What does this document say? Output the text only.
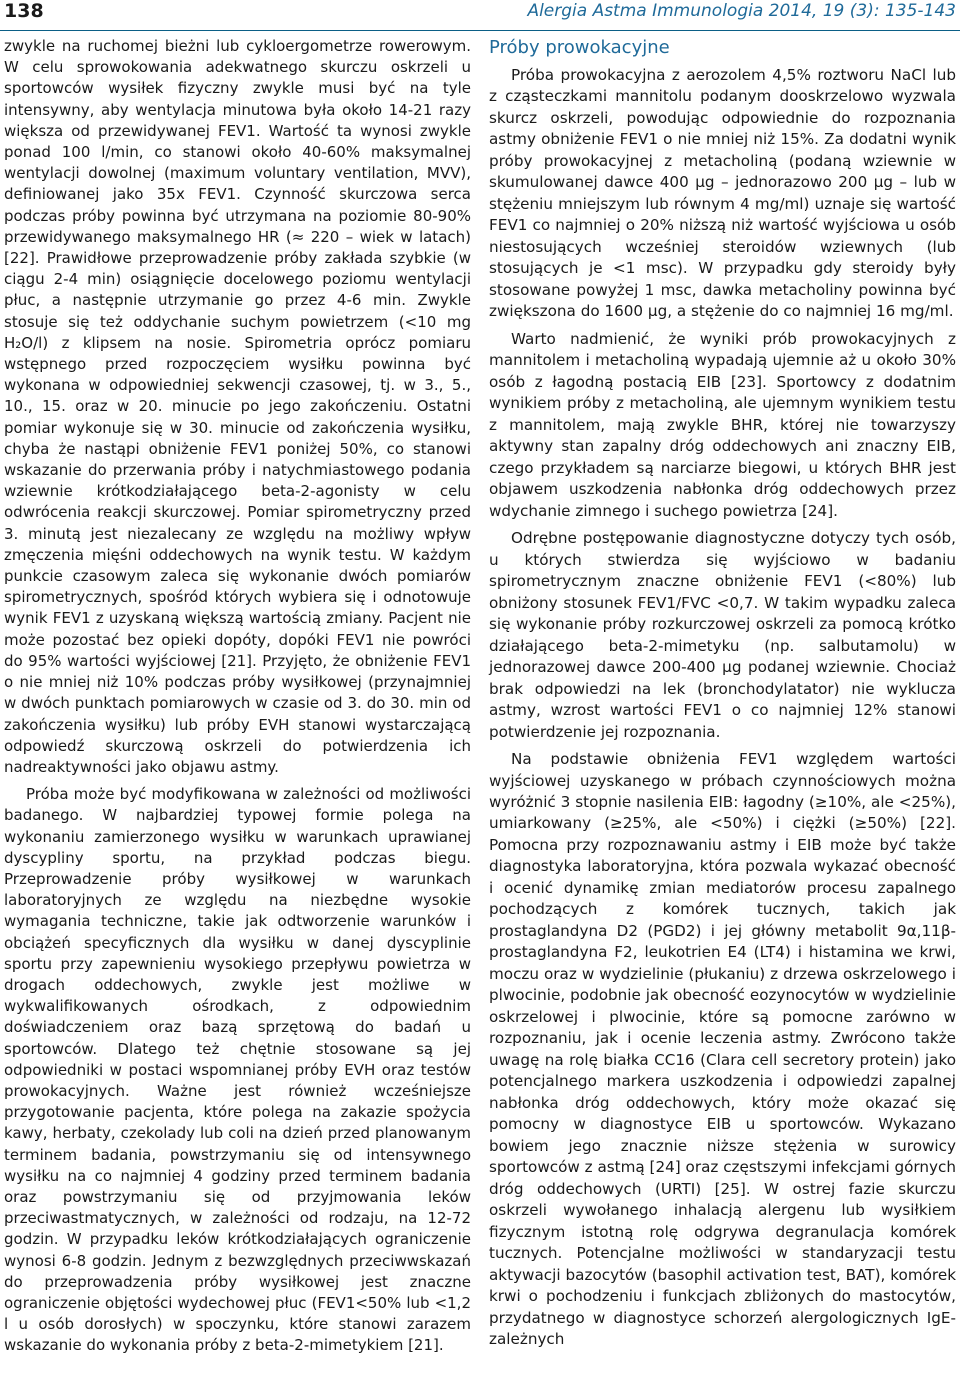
138	Alergia Astma Immunologia 2014, 19 (3): 135-143

zwykle na ruchomej bieżni lub cykloergometrze rowerowym. W celu sprowokowania adekwatnego skurczu oskrzeli u sportowców wysiłek fizyczny zwykle musi być na tyle intensywny, aby wentylacja minutowa była około 14-21 razy większa od przewidywanej FEV1. Wartość ta wynosi zwykle ponad 100 l/min, co stanowi około 40-60% maksymalnej wentylacji dowolnej (maximum voluntary ventilation, MVV), definiowanej jako 35x FEV1. Czynność skurczowa serca podczas próby powinna być utrzymana na poziomie 80-90% przewidywanego maksymalnego HR (≈ 220 – wiek w latach) [22]. Prawidłowe przeprowadzenie próby zakłada szybkie (w ciągu 2-4 min) osiągnięcie docelowego poziomu wentylacji płuc, a następnie utrzymanie go przez 4-6 min. Zwykle stosuje się też oddychanie suchym powietrzem (<10 mg H₂O/l) z klipsem na nosie. Spirometria oprócz pomiaru wstępnego przed rozpoczęciem wysiłku powinna być wykonana w odpowiedniej sekwencji czasowej, tj. w 3., 5., 10., 15. oraz w 20. minucie po jego zakończeniu. Ostatni pomiar wykonuje się w 30. minucie od zakończenia wysiłku, chyba że nastąpi obniżenie FEV1 poniżej 50%, co stanowi wskazanie do przerwania próby i natychmiastowego podania wziewnie krótkodziałającego beta-2-agonisty w celu odwrócenia reakcji skurczowej. Pomiar spirometryczny przed 3. minutą jest niezalecany ze względu na możliwy wpływ zmęczenia mięśni oddechowych na wynik testu. W każdym punkcie czasowym zaleca się wykonanie dwóch pomiarów spirometrycznych, spośród których wybiera się i odnotowuje wynik FEV1 z uzyskaną większą wartością zmiany. Pacjent nie może pozostać bez opieki dopóty, dopóki FEV1 nie powróci do 95% wartości wyjściowej [21]. Przyjęto, że obniżenie FEV1 o nie mniej niż 10% podczas próby wysiłkowej (przynajmniej w dwóch punktach pomiarowych w czasie od 3. do 30. min od zakończenia wysiłku) lub próby EVH stanowi wystarczającą odpowiedź skurczową oskrzeli do potwierdzenia ich nadreaktywności jako objawu astmy.

Próba może być modyfikowana w zależności od możliwości badanego. W najbardziej typowej formie polega na wykonaniu zamierzonego wysiłku w warunkach uprawianej dyscypliny sportu, na przykład podczas biegu. Przeprowadzenie próby wysiłkowej w warunkach laboratoryjnych ze względu na niezbędne wysokie wymagania techniczne, takie jak odtworzenie warunków i obciążeń specyficznych dla wysiłku w danej dyscyplinie sportu przy zapewnieniu wysokiego przepływu powietrza w drogach oddechowych, zwykle jest możliwe w wykwalifikowanych ośrodkach, z odpowiednim doświadczeniem oraz bazą sprzętową do badań u sportowców. Dlatego też chętnie stosowane są jej odpowiedniki w postaci wspomnianej próby EVH oraz testów prowokacyjnych. Ważne jest również wcześniejsze przygotowanie pacjenta, które polega na zakazie spożycia kawy, herbaty, czekolady lub coli na dzień przed planowanym terminem badania, powstrzymaniu się od intensywnego wysiłku na co najmniej 4 godziny przed terminem badania oraz powstrzymaniu się od przyjmowania leków przeciwastmatycznych, w zależności od rodzaju, na 12-72 godzin. W przypadku leków krótkodziałających ograniczenie wynosi 6-8 godzin. Jednym z bezwzględnych przeciwwskazań do przeprowadzenia próby wysiłkowej jest znaczne ograniczenie objętości wydechowej płuc (FEV1<50% lub <1,2 l u osób dorosłych) w spoczynku, które stanowi zarazem wskazanie do wykonania próby z beta-2-mimetykiem [21].

Próby prowokacyjne

Próba prowokacyjna z aerozolem 4,5% roztworu NaCl lub z cząsteczkami mannitolu podanym dooskrzelowo wyzwala skurcz oskrzeli, powodując odpowiednie do rozpoznania astmy obniżenie FEV1 o nie mniej niż 15%. Za dodatni wynik próby prowokacyjnej z metacholiną (podaną wziewnie w skumulowanej dawce 400 µg – jednorazowo 200 µg – lub w stężeniu mniejszym lub równym 4 mg/ml) uznaje się wartość FEV1 co najmniej o 20% niższą niż wartość wyjściowa u osób niestosujących wcześniej steroidów wziewnych (lub stosujących je <1 msc). W przypadku gdy steroidy były stosowane powyżej 1 msc, dawka metacholiny powinna być zwiększona do 1600 µg, a stężenie do co najmniej 16 mg/ml.

Warto nadmienić, że wyniki prób prowokacyjnych z mannitolem i metacholiną wypadają ujemnie aż u około 30% osób z łagodną postacią EIB [23]. Sportowcy z dodatnim wynikiem próby z metacholiną, ale ujemnym wynikiem testu z mannitolem, mają zwykle BHR, której nie towarzyszy aktywny stan zapalny dróg oddechowych ani znaczny EIB, czego przykładem są narciarze biegowi, u których BHR jest objawem uszkodzenia nabłonka dróg oddechowych przez wdychanie zimnego i suchego powietrza [24].

Odrębne postępowanie diagnostyczne dotyczy tych osób, u których stwierdza się wyjściowo w badaniu spirometrycznym znaczne obniżenie FEV1 (<80%) lub obniżony stosunek FEV1/FVC <0,7. W takim wypadku zaleca się wykonanie próby rozkurczowej oskrzeli za pomocą krótko działającego beta-2-mimetyku (np. salbutamolu) w jednorazowej dawce 200-400 µg podanej wziewnie. Chociaż brak odpowiedzi na lek (bronchodylatator) nie wyklucza astmy, wzrost wartości FEV1 o co najmniej 12% stanowi potwierdzenie jej rozpoznania.

Na podstawie obniżenia FEV1 względem wartości wyjściowej uzyskanego w próbach czynnościowych można wyróżnić 3 stopnie nasilenia EIB: łagodny (≥10%, ale <25%), umiarkowany (≥25%, ale <50%) i ciężki (≥50%) [22]. Pomocna przy rozpoznawaniu astmy i EIB może być także diagnostyka laboratoryjna, która pozwala wykazać obecność i ocenić dynamikę zmian mediatorów procesu zapalnego pochodzących z komórek tucznych, takich jak prostaglandyna D2 (PGD2) i jej główny metabolit 9α,11β-prostaglandyna F2, leukotrien E4 (LT4) i histamina we krwi, moczu oraz w wydzielinie (płukaniu) z drzewa oskrzelowego i plwocinie, podobnie jak obecność eozynocytów w wydzielinie oskrzelowej i plwocinie, które są pomocne zarówno w rozpoznaniu, jak i ocenie leczenia astmy. Zwrócono także uwagę na rolę białka CC16 (Clara cell secretory protein) jako potencjalnego markera uszkodzenia i odpowiedzi zapalnej nabłonka dróg oddechowych, który może okazać się pomocny w diagnostyce EIB u sportowców. Wykazano bowiem jego znacznie niższe stężenia w surowicy sportowców z astmą [24] oraz częstszymi infekcjami górnych dróg oddechowych (URTI) [25]. W ostrej fazie skurczu oskrzeli wywołanego inhalacją alergenu lub wysiłkiem fizycznym istotną rolę odgrywa degranulacja komórek tucznych. Potencjalne możliwości w standaryzacji testu aktywacji bazocytów (basophil activation test, BAT), komórek krwi o pochodzeniu i funkcjach zbliżonych do mastocytów, przydatnego w diagnostyce schorzeń alergologicznych IgE-zależnych
